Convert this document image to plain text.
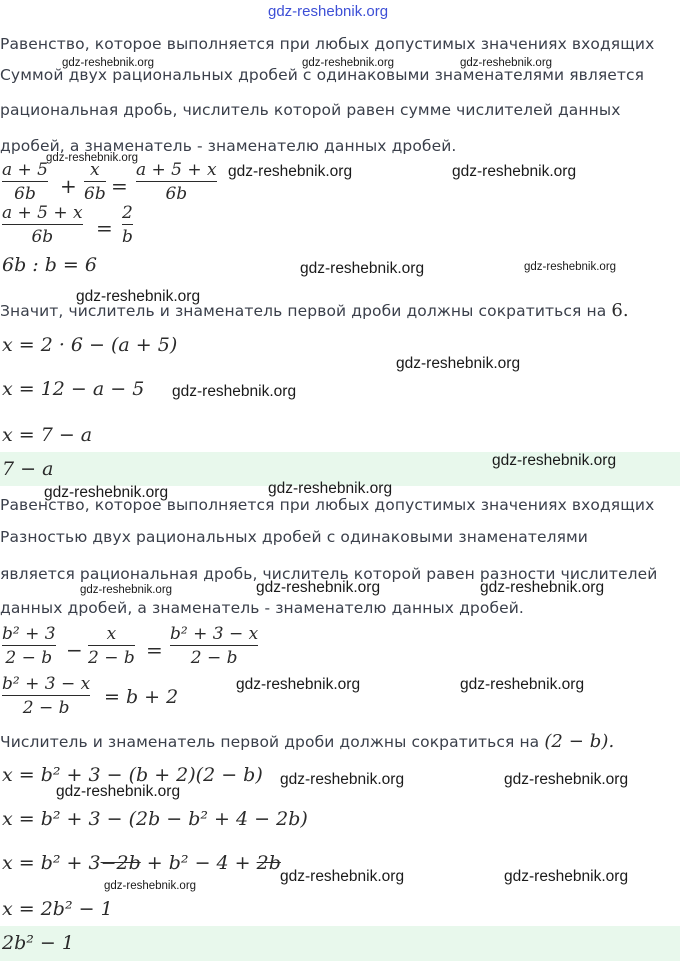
gdz-reshebnik.org
Равенство, которое выполняется при любых допустимых значениях входящих
Суммой двух рациональных дробей с одинаковыми знаменателями является
рациональная дробь, числитель которой равен сумме числителей данных
дробей, а знаменатель - знаменателю данных дробей.
a + 5
6b +
x
6b =
a + 5 + x
6b
a + 5 + x
6b =
2
b
6b : b = 6
Значит, числитель и знаменатель первой дроби должны сократиться на 6.
x = 2 · 6 − (a + 5)
x = 12 − a − 5
x = 7 − a
7 − a
Равенство, которое выполняется при любых допустимых значениях входящих
Разностью двух рациональных дробей с одинаковыми знаменателями
является рациональная дробь, числитель которой равен разности числителей
данных дробей, а знаменатель - знаменателю данных дробей.
b² + 3
2 − b −
x
2 − b =
b² + 3 − x
2 − b
b² + 3 − x
2 − b = b + 2
Числитель и знаменатель первой дроби должны сократиться на (2 − b).
x = b² + 3 − (b + 2)(2 − b)
x = b² + 3 − (2b − b² + 4 − 2b)
x = b² + 3−2b + b² − 4 + 2b
x = 2b² − 1
2b² − 1
gdz-reshebnik.org	gdz-reshebnik.org	gdz-reshebnik.org
gdz-reshebnik.org
gdz-reshebnik.org	gdz-reshebnik.org
gdz-reshebnik.org	gdz-reshebnik.org
gdz-reshebnik.org
gdz-reshebnik.org
gdz-reshebnik.org
gdz-reshebnik.org
gdz-reshebnik.org	gdz-reshebnik.org
gdz-reshebnik.org	gdz-reshebnik.org	gdz-reshebnik.org
gdz-reshebnik.org	gdz-reshebnik.org
gdz-reshebnik.org	gdz-reshebnik.org
gdz-reshebnik.org
gdz-reshebnik.org	gdz-reshebnik.org
gdz-reshebnik.org
